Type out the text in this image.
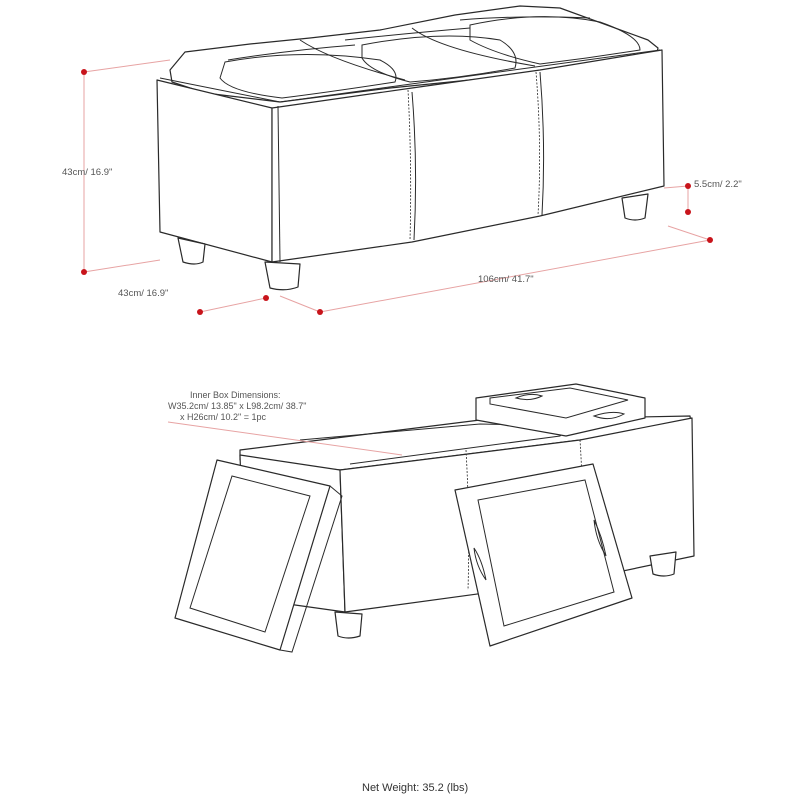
43cm/ 16.9"
43cm/ 16.9"
106cm/ 41.7"
5.5cm/ 2.2"
Inner Box Dimensions:
W35.2cm/ 13.85" x L98.2cm/ 38.7"
x H26cm/ 10.2" = 1pc
Net Weight: 35.2 (lbs)
